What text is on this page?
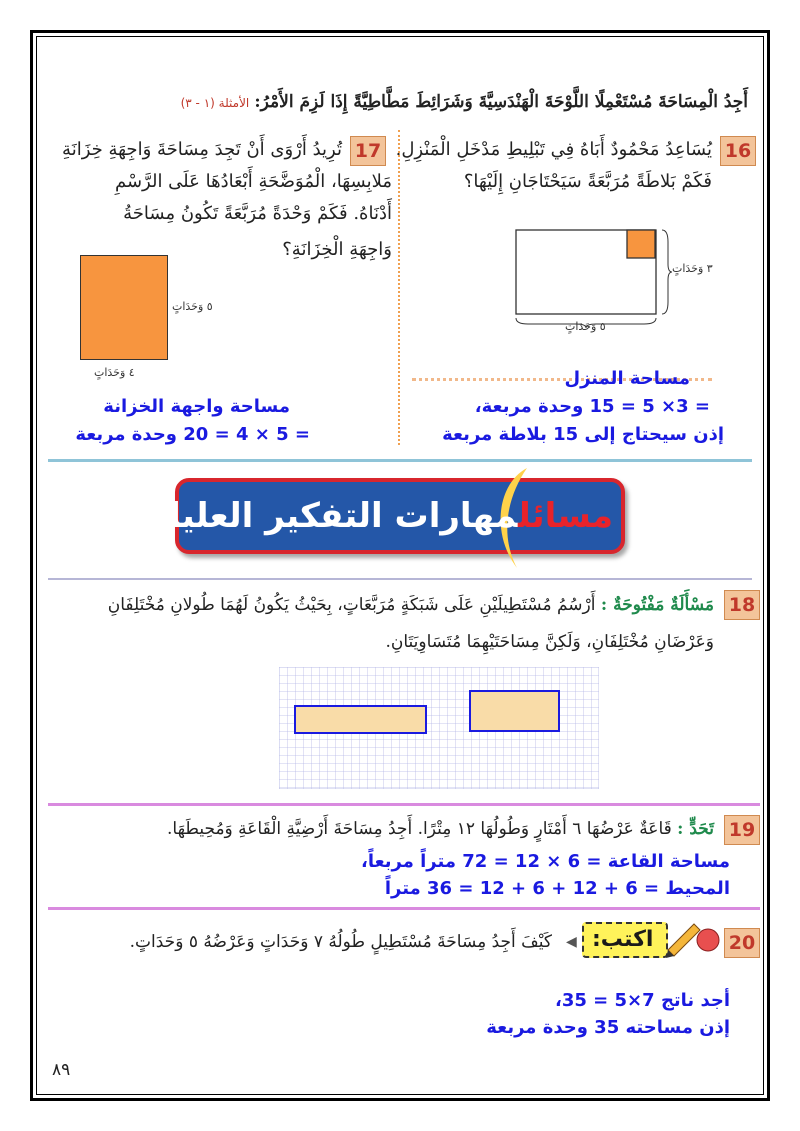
أَجِدُ الْمِسَاحَةَ مُسْتَعْمِلًا اللَّوْحَةَ الْهَنْدَسِيَّةَ وَشَرَائِطَ مَطَّاطِيَّةً إِذَا لَزِمَ الأَمْرُ: الأمثلة (١ - ٣)
16
يُسَاعِدُ مَحْمُودٌ أَبَاهُ فِي تَبْلِيطِ مَدْخَلِ الْمَنْزِلِ.
فَكَمْ بَلاطَةً مُرَبَّعَةً سَيَحْتَاجَانِ إِلَيْهَا؟
٣ وَحَدَاتٍ
٥ وَحَدَاتٍ
مساحة المنزل
= 3× 5 = 15 وحدة مربعة،
إذن سيحتاج إلى 15 بلاطة مربعة
17
تُرِيدُ أَرْوَى أَنْ تَجِدَ مِسَاحَةَ وَاجِهَةِ خِزَانَةِ
مَلابِسِهَا، الْمُوَضَّحَةِ أَبْعَادُهَا عَلَى الرَّسْمِ
أَدْنَاهُ. فَكَمْ وَحْدَةً مُرَبَّعَةً تَكُونُ مِسَاحَةُ
وَاجِهَةِ الْخِزَانَةِ؟
٥ وَحَدَاتٍ
٤ وَحَدَاتٍ
مساحة واجهة الخزانة
= 5 × 4 = 20 وحدة مربعة
مسائلمهارات التفكير العليا:
18
مَسْأَلَةٌ مَفْتُوحَةٌ : أَرْسُمُ مُسْتَطِيلَيْنِ عَلَى شَبَكَةٍ مُرَبَّعَاتٍ، بِحَيْثُ يَكُونُ لَهُمَا طُولانِ مُخْتَلِفَانِ
وَعَرْضَانِ مُخْتَلِفَانِ، وَلَكِنَّ مِسَاحَتَيْهِمَا مُتَسَاوِيَتَانِ.
19
تَحَدٍّ : قَاعَةٌ عَرْضُهَا ٦ أَمْتَارٍ وَطُولُهَا ١٢ مِتْرًا. أَجِدُ مِسَاحَةَ أَرْضِيَّةِ الْقَاعَةِ وَمُحِيطَهَا.
مساحة القاعة = 6 × 12 = 72 متراً مربعاً،
المحيط = 6 + 12 + 6 + 12 = 36 متراً
20
اكتب:
◀
كَيْفَ أَجِدُ مِسَاحَةَ مُسْتَطِيلٍ طُولُهُ ٧ وَحَدَاتٍ وَعَرْضُهُ ٥ وَحَدَاتٍ.
أجد ناتج 7×5 = 35،
إذن مساحته 35 وحدة مربعة
٨٩
